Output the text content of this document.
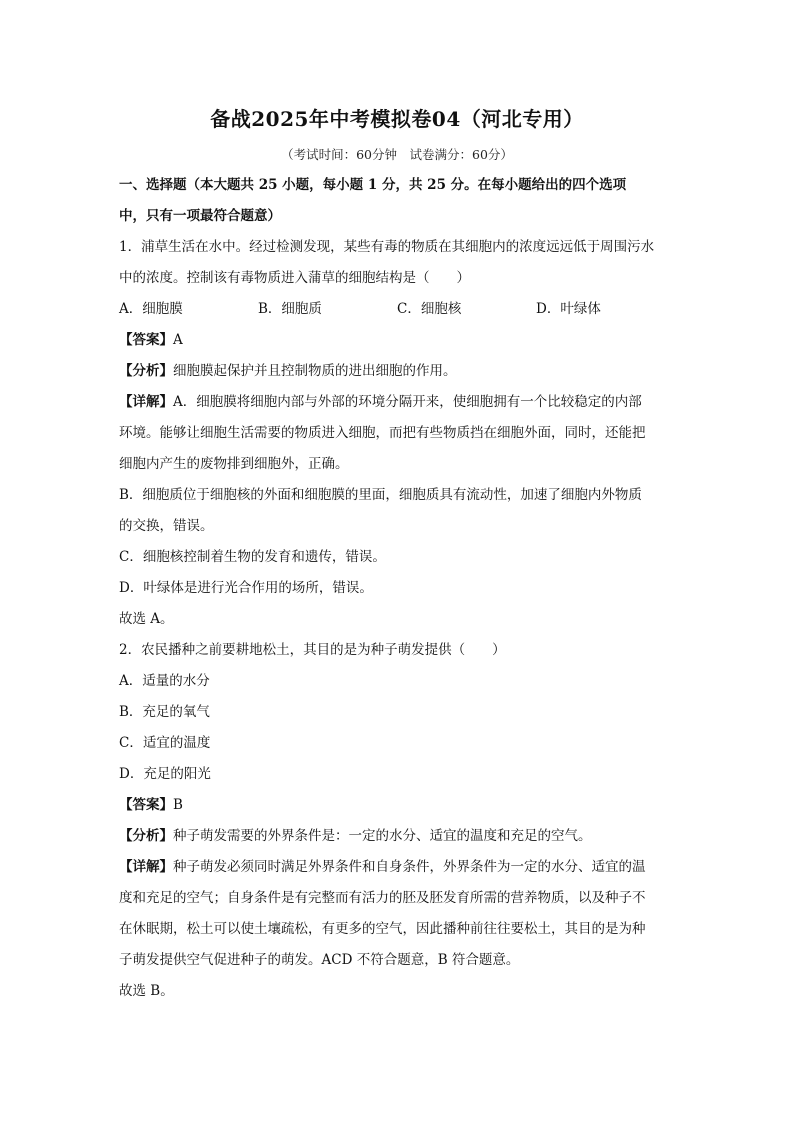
备战2025年中考模拟卷04（河北专用）
（考试时间：60分钟　试卷满分：60分）
一、选择题（本大题共 25 小题，每小题 1 分，共 25 分。在每小题给出的四个选项
中，只有一项最符合题意）
1．浦草生活在水中。经过检测发现，某些有毒的物质在其细胞内的浓度远远低于周围污水
中的浓度。控制该有毒物质进入蒲草的细胞结构是（　　）
A．细胞膜	B．细胞质	C．细胞核	D．叶绿体
【答案】A
【分析】细胞膜起保护并且控制物质的进出细胞的作用。
【详解】A．细胞膜将细胞内部与外部的环境分隔开来，使细胞拥有一个比较稳定的内部
环境。能够让细胞生活需要的物质进入细胞，而把有些物质挡在细胞外面，同时，还能把
细胞内产生的废物排到细胞外，正确。
B．细胞质位于细胞核的外面和细胞膜的里面，细胞质具有流动性，加速了细胞内外物质
的交换，错误。
C．细胞核控制着生物的发育和遗传，错误。
D．叶绿体是进行光合作用的场所，错误。
故选 A。
2．农民播种之前要耕地松土，其目的是为种子萌发提供（　　）
A．适量的水分
B．充足的氧气
C．适宜的温度
D．充足的阳光
【答案】B
【分析】种子萌发需要的外界条件是：一定的水分、适宜的温度和充足的空气。
【详解】种子萌发必须同时满足外界条件和自身条件，外界条件为一定的水分、适宜的温
度和充足的空气；自身条件是有完整而有活力的胚及胚发育所需的营养物质，以及种子不
在休眠期，松土可以使土壤疏松，有更多的空气，因此播种前往往要松土，其目的是为种
子萌发提供空气促进种子的萌发。ACD 不符合题意，B 符合题意。
故选 B。
